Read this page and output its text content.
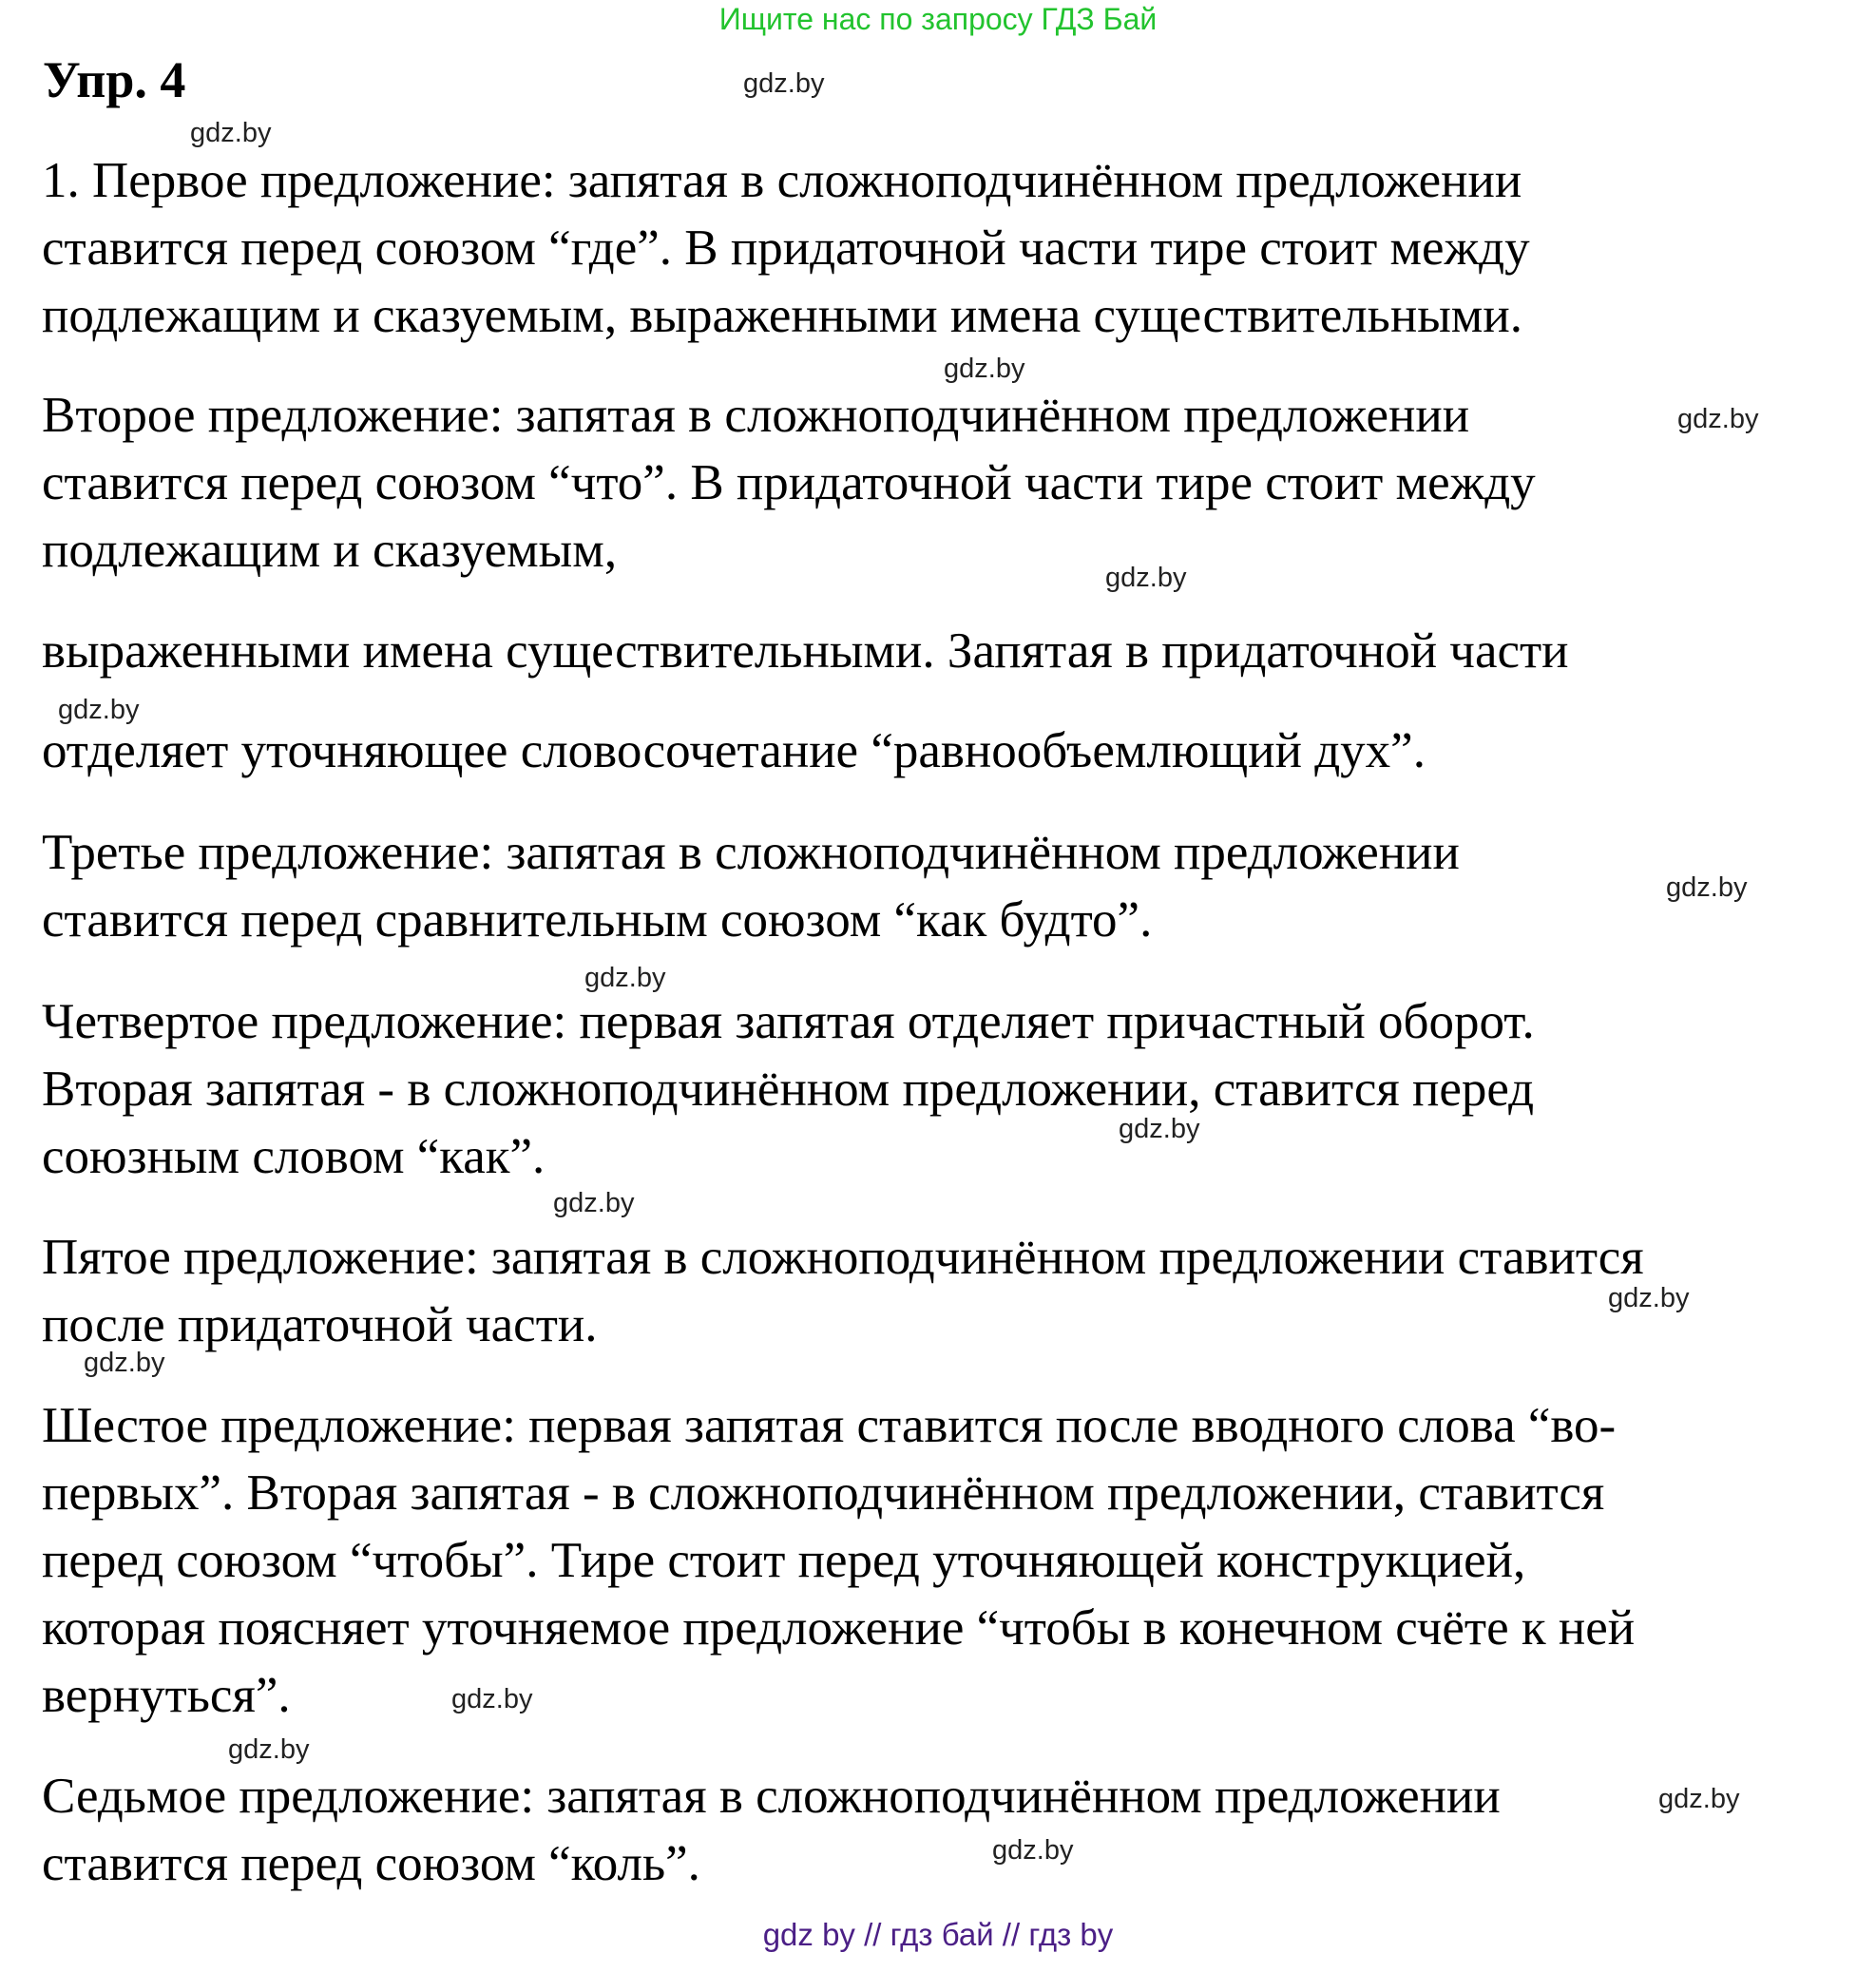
Ищите нас по запросу ГДЗ Бай
Упр. 4
1. Первое предложение: запятая в сложноподчинённом предложении
ставится перед союзом “где”. В придаточной части тире стоит между
подлежащим и сказуемым, выраженными имена существительными.
Второе предложение: запятая в сложноподчинённом предложении
ставится перед союзом “что”. В придаточной части тире стоит между
подлежащим и сказуемым,
выраженными имена существительными. Запятая в придаточной части
отделяет уточняющее словосочетание “равнообъемлющий дух”.
Третье предложение: запятая в сложноподчинённом предложении
ставится перед сравнительным союзом “как будто”.
Четвертое предложение: первая запятая отделяет причастный оборот.
Вторая запятая - в сложноподчинённом предложении, ставится перед
союзным словом “как”.
Пятое предложение: запятая в сложноподчинённом предложении ставится
после придаточной части.
Шестое предложение: первая запятая ставится после вводного слова “во-
первых”. Вторая запятая - в сложноподчинённом предложении, ставится
перед союзом “чтобы”. Тире стоит перед уточняющей конструкцией,
которая поясняет уточняемое предложение “чтобы в конечном счёте к ней
вернуться”.
Седьмое предложение: запятая в сложноподчинённом предложении
ставится перед союзом “коль”.
gdz.by
gdz.by
gdz.by
gdz.by
gdz.by
gdz.by
gdz.by
gdz.by
gdz.by
gdz.by
gdz.by
gdz.by
gdz.by
gdz.by
gdz.by
gdz.by
gdz by // гдз бай // гдз by
